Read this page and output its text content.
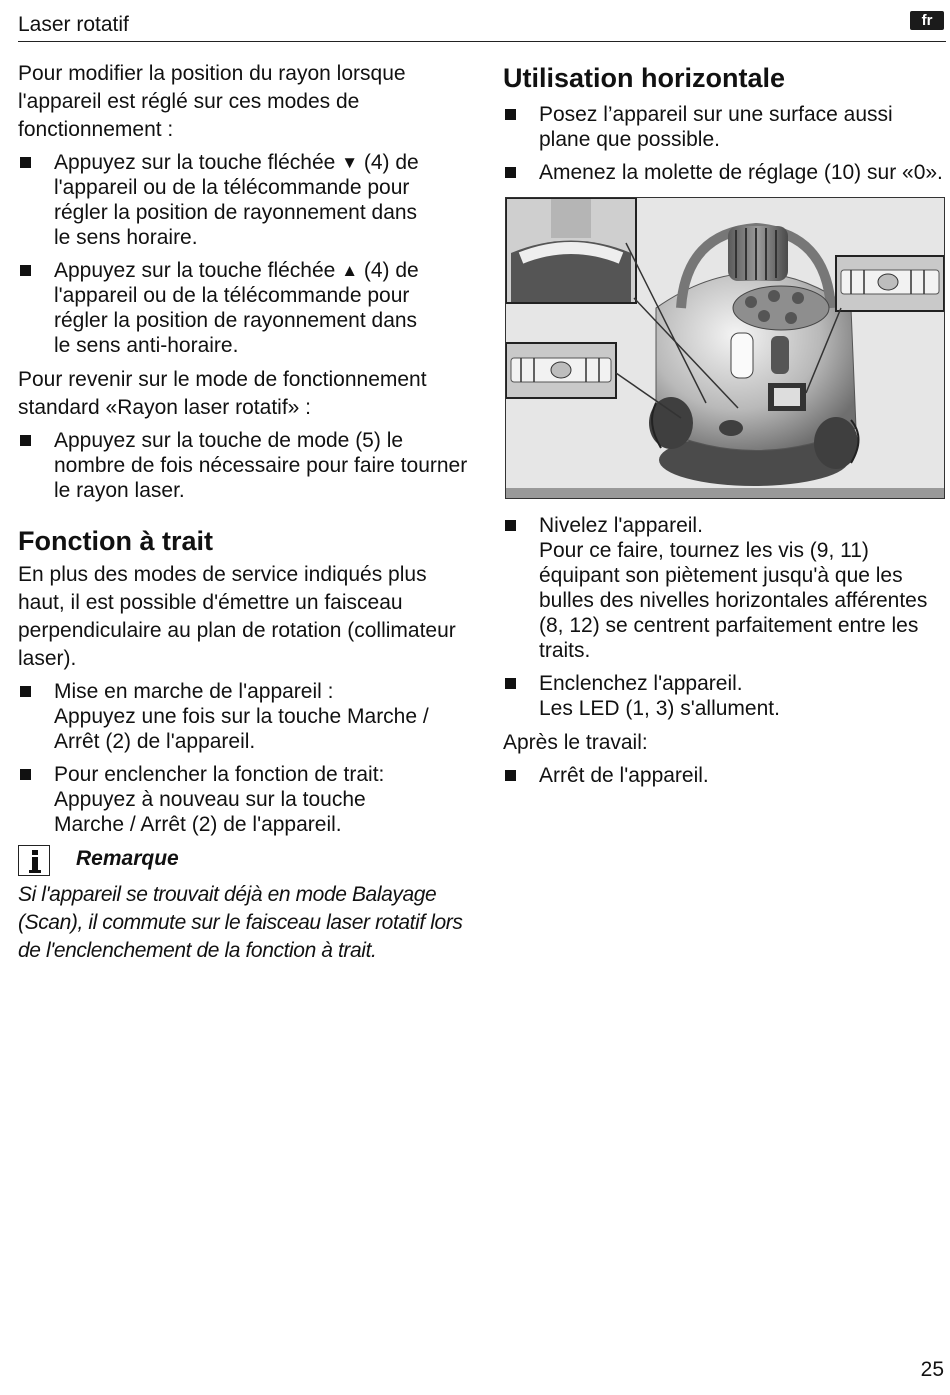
Laser rotatif	fr

Pour modifier la position du rayon lorsque l'appareil est réglé sur ces modes de fonctionnement :

Appuyez sur la touche fléchée ▼ (4) de
l'appareil ou de la télécommande pour
régler la position de rayonnement dans
le sens horaire.
Appuyez sur la touche fléchée ▲ (4) de
l'appareil ou de la télécommande pour
régler la position de rayonnement dans
le sens anti-horaire.

Pour revenir sur le mode de fonctionnement standard «Rayon laser rotatif» :

Appuyez sur la touche de mode (5) le nombre de fois nécessaire pour faire tourner le rayon laser.
Fonction à trait

En plus des modes de service indiqués plus haut, il est possible d'émettre un faisceau perpendiculaire au plan de rotation (collimateur laser).

Mise en marche de l'appareil :
Appuyez une fois sur la touche Marche /
Arrêt (2) de l'appareil.
Pour enclencher la fonction de trait:
Appuyez à nouveau sur la touche
Marche / Arrêt (2) de l'appareil.
Remarque

Si l'appareil se trouvait déjà en mode Balayage (Scan), il commute sur le faisceau laser rotatif lors de l'enclenchement de la fonction à trait.

Utilisation horizontale
Posez l’appareil sur une surface aussi plane que possible.
Amenez la molette de réglage (10) sur «0».
Nivelez l'appareil.
Pour ce faire, tournez les vis (9, 11) équipant son piètement jusqu'à que les bulles des nivelles horizontales afférentes (8, 12) se centrent parfaitement entre les traits.
Enclenchez l'appareil.
Les LED (1, 3) s'allument.

Après le travail:

Arrêt de l'appareil.
25
